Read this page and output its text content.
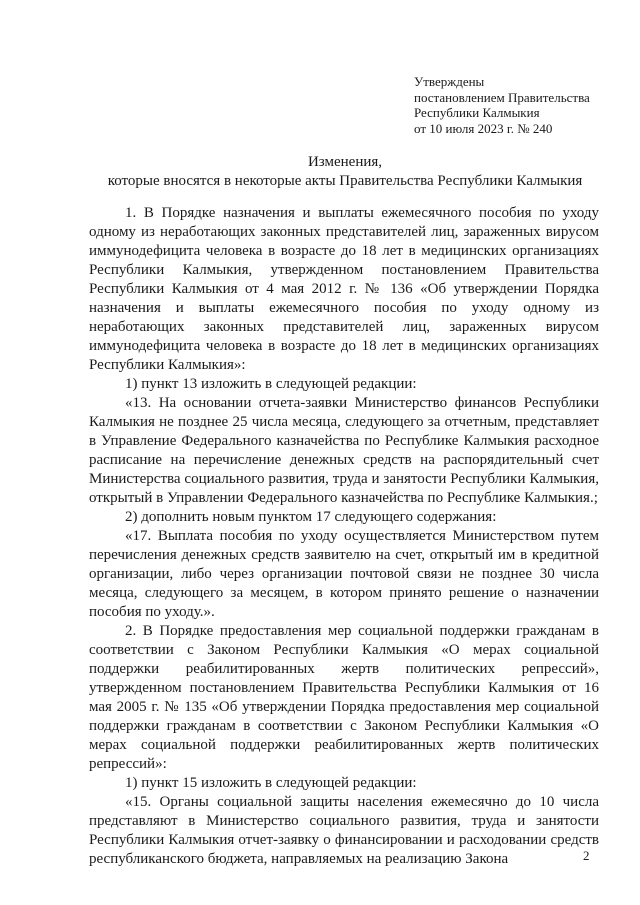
Утверждены
постановлением Правительства
Республики Калмыкия
от 10 июля 2023 г. № 240
Изменения,
которые вносятся в некоторые акты Правительства Республики Калмыкия

1. В Порядке назначения и выплаты ежемесячного пособия по уходу одному из неработающих законных представителей лиц, зараженных вирусом иммунодефицита человека в возрасте до 18 лет в медицинских организациях Республики Калмыкия, утвержденном постановлением Правительства Республики Калмыкия от 4 мая 2012 г. № 136 «Об утверждении Порядка назначения и выплаты ежемесячного пособия по уходу одному из неработающих законных представителей лиц, зараженных вирусом иммунодефицита человека в возрасте до 18 лет в медицинских организациях Республики Калмыкия»:

1) пункт 13 изложить в следующей редакции:

«13. На основании отчета-заявки Министерство финансов Республики Калмыкия не позднее 25 числа месяца, следующего за отчетным, представляет в Управление Федерального казначейства по Республике Калмыкия расходное расписание на перечисление денежных средств на распорядительный счет Министерства социального развития, труда и занятости Республики Калмыкия, открытый в Управлении Федерального казначейства по Республике Калмыкия.;

2) дополнить новым пунктом 17 следующего содержания:

«17. Выплата пособия по уходу осуществляется Министерством путем перечисления денежных средств заявителю на счет, открытый им в кредитной организации, либо через организации почтовой связи не позднее 30 числа месяца, следующего за месяцем, в котором принято решение о назначении пособия по уходу.».

2. В Порядке предоставления мер социальной поддержки гражданам в соответствии с Законом Республики Калмыкия «О мерах социальной поддержки реабилитированных жертв политических репрессий», утвержденном постановлением Правительства Республики Калмыкия от 16 мая 2005 г. № 135 «Об утверждении Порядка предоставления мер социальной поддержки гражданам в соответствии с Законом Республики Калмыкия «О мерах социальной поддержки реабилитированных жертв политических репрессий»:

1) пункт 15 изложить в следующей редакции:

«15. Органы социальной защиты населения ежемесячно до 10 числа представляют в Министерство социального развития, труда и занятости Республики Калмыкия отчет-заявку о финансировании и расходовании средств республиканского бюджета, направляемых на реализацию Закона	2
